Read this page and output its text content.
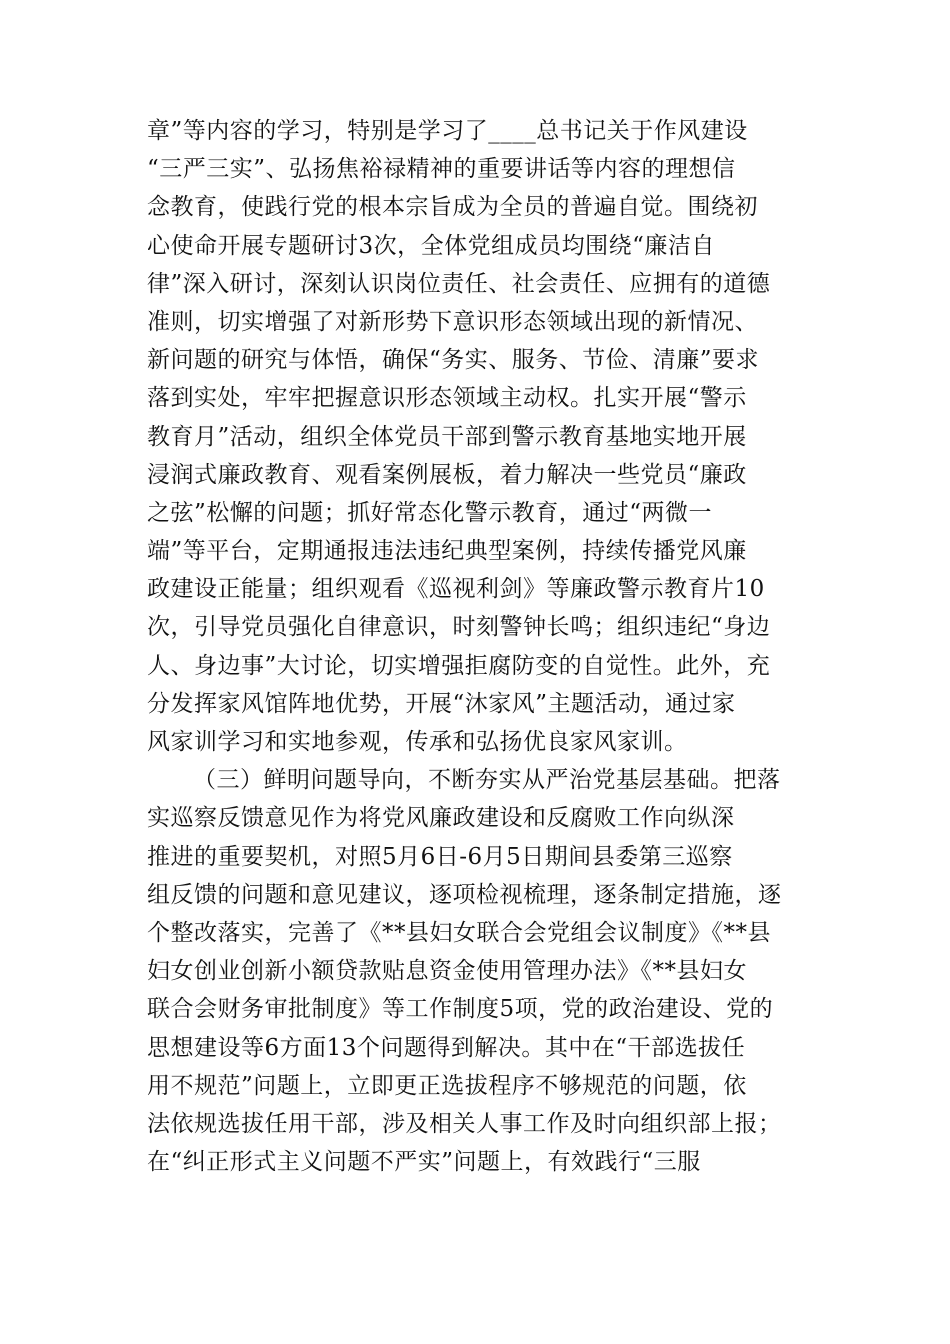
章”等内容的学习，特别是学习了____总书记关于作风建设
“三严三实”、弘扬焦裕禄精神的重要讲话等内容的理想信
念教育，使践行党的根本宗旨成为全员的普遍自觉。围绕初
心使命开展专题研讨3次，全体党组成员均围绕“廉洁自
律”深入研讨，深刻认识岗位责任、社会责任、应拥有的道德
准则，切实增强了对新形势下意识形态领域出现的新情况、
新问题的研究与体悟，确保“务实、服务、节俭、清廉”要求
落到实处，牢牢把握意识形态领域主动权。扎实开展“警示
教育月”活动，组织全体党员干部到警示教育基地实地开展
浸润式廉政教育、观看案例展板，着力解决一些党员“廉政
之弦”松懈的问题；抓好常态化警示教育，通过“两微一
端”等平台，定期通报违法违纪典型案例，持续传播党风廉
政建设正能量；组织观看《巡视利剑》等廉政警示教育片10
次，引导党员强化自律意识，时刻警钟长鸣；组织违纪“身边
人、身边事”大讨论，切实增强拒腐防变的自觉性。此外，充
分发挥家风馆阵地优势，开展“沐家风”主题活动，通过家
风家训学习和实地参观，传承和弘扬优良家风家训。
（三）鲜明问题导向，不断夯实从严治党基层基础。把落
实巡察反馈意见作为将党风廉政建设和反腐败工作向纵深
推进的重要契机，对照5月6日-6月5日期间县委第三巡察
组反馈的问题和意见建议，逐项检视梳理，逐条制定措施，逐
个整改落实，完善了《**县妇女联合会党组会议制度》《**县
妇女创业创新小额贷款贴息资金使用管理办法》《**县妇女
联合会财务审批制度》等工作制度5项，党的政治建设、党的
思想建设等6方面13个问题得到解决。其中在“干部选拔任
用不规范”问题上，立即更正选拔程序不够规范的问题，依
法依规选拔任用干部，涉及相关人事工作及时向组织部上报；
在“纠正形式主义问题不严实”问题上，有效践行“三服
